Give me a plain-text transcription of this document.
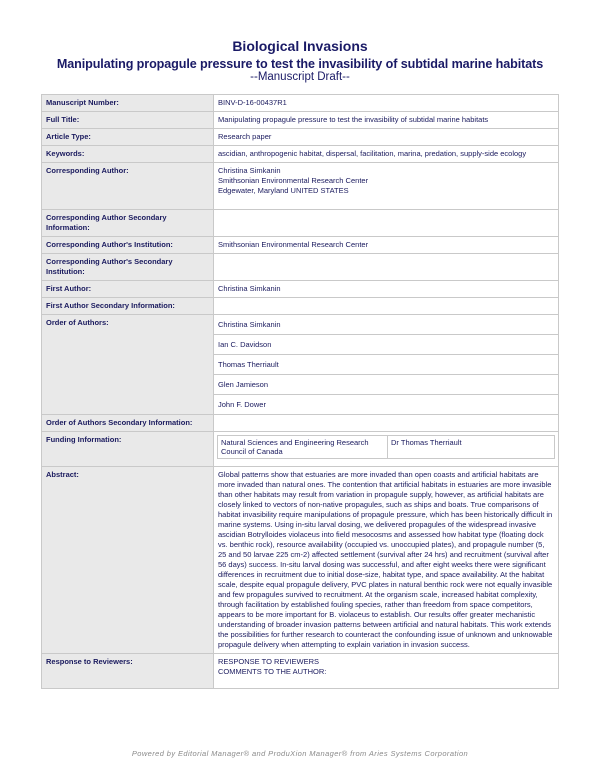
Biological Invasions
Manipulating propagule pressure to test the invasibility of subtidal marine habitats
--Manuscript Draft--
Manuscript Number:	BINV-D-16-00437R1
Full Title:	Manipulating propagule pressure to test the invasibility of subtidal marine habitats
Article Type:	Research paper
Keywords:	ascidian, anthropogenic habitat, dispersal, facilitation, marina, predation, supply-side ecology
Corresponding Author:	Christina Simkanin
Smithsonian Environmental Research Center
Edgewater, Maryland UNITED STATES

Corresponding Author Secondary Information:	
Corresponding Author's Institution:	Smithsonian Environmental Research Center
Corresponding Author's Secondary Institution:	
First Author:	Christina Simkanin
First Author Secondary Information:	
Order of Authors:	Christina Simkanin
Ian C. Davidson
Thomas Therriault
Glen Jamieson
John F. Dower

Order of Authors Secondary Information:	
Funding Information:	Natural Sciences and Engineering Research Council of Canada
Dr Thomas Therriault

Abstract:	Global patterns show that estuaries are more invaded than open coasts and artificial habitats are more invaded than natural ones. The contention that artificial habitats in estuaries are more invasible than other habitats may result from variation in propagule supply, however, as artificial habitats are closely linked to vectors of non-native propagules, such as ships and boats. True comparisons of habitat invasibility require manipulations of propagule pressure, which has been historically difficult in marine systems. Using in-situ larval dosing, we delivered propagules of the widespread invasive ascidian Botrylloides violaceus into field mesocosms and assessed how habitat type (floating dock vs. benthic rock), resource availability (occupied vs. unoccupied plates), and propagule number (5, 25 and 50 larvae 225 cm-2) affected settlement (survival after 24 hrs) and recruitment (survival after 56 days) success. In-situ larval dosing was successful, and after eight weeks there were significant differences in recruitment due to initial dose-size, habitat type, and space availability. At the habitat scale, despite equal propagule delivery, PVC plates in natural benthic rock were not equally invasible and few propagules survived to recruitment. At the organism scale, increased habitat complexity, through facilitation by established fouling species, rather than freedom from space competitors, appears to be more important for B. violaceus to establish. Our results offer greater mechanistic understanding of broader invasion patterns between artificial and natural habitats. This work extends the possibilities for further research to counteract the confounding issue of unknown and unknowable propagule delivery when attempting to explain variation in invasion success.
Response to Reviewers:	RESPONSE TO REVIEWERS
COMMENTS TO THE AUTHOR:
Powered by Editorial Manager® and ProduXion Manager® from Aries Systems Corporation
